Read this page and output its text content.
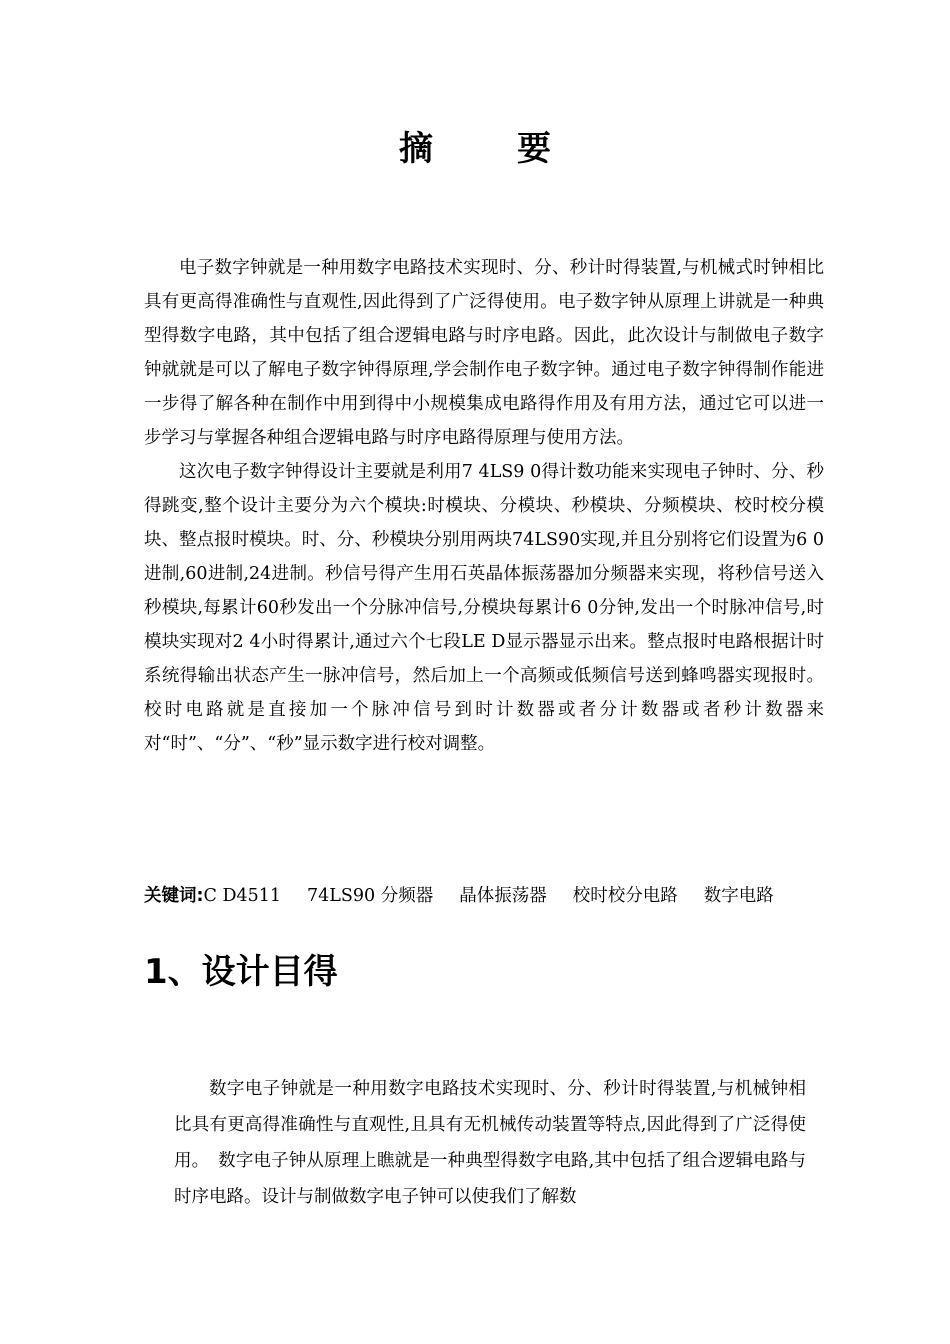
摘要

电子数字钟就是一种用数字电路技术实现时、分、秒计时得装置,与机械式时钟相比具有更高得准确性与直观性,因此得到了广泛得使用。电子数字钟从原理上讲就是一种典型得数字电路，其中包括了组合逻辑电路与时序电路。因此，此次设计与制做电子数字钟就就是可以了解电子数字钟得原理,学会制作电子数字钟。通过电子数字钟得制作能进一步得了解各种在制作中用到得中小规模集成电路得作用及有用方法，通过它可以进一步学习与掌握各种组合逻辑电路与时序电路得原理与使用方法。

这次电子数字钟得设计主要就是利用7 4LS9 0得计数功能来实现电子钟时、分、秒得跳变,整个设计主要分为六个模块:时模块、分模块、秒模块、分频模块、校时校分模块、整点报时模块。时、分、秒模块分别用两块74LS90实现,并且分别将它们设置为6 0进制,60进制,24进制。秒信号得产生用石英晶体振荡器加分频器来实现，将秒信号送入秒模块,每累计60秒发出一个分脉冲信号,分模块每累计6 0分钟,发出一个时脉冲信号,时模块实现对2 4小时得累计,通过六个七段LE D显示器显示出来。整点报时电路根据计时系统得输出状态产生一脉冲信号，然后加上一个高频或低频信号送到蜂鸣器实现报时。校时电路就是直接加一个脉冲信号到时计数器或者分计数器或者秒计数器来对“时”、“分”、“秒”显示数字进行校对调整。

关键词:C D4511 74LS90 分频器 晶体振荡器 校时校分电路 数字电路
1、设计目得

数字电子钟就是一种用数字电路技术实现时、分、秒计时得装置,与机械钟相比具有更高得准确性与直观性,且具有无机械传动装置等特点,因此得到了广泛得使用。　数字电子钟从原理上瞧就是一种典型得数字电路,其中包括了组合逻辑电路与时序电路。设计与制做数字电子钟可以使我们了解数
